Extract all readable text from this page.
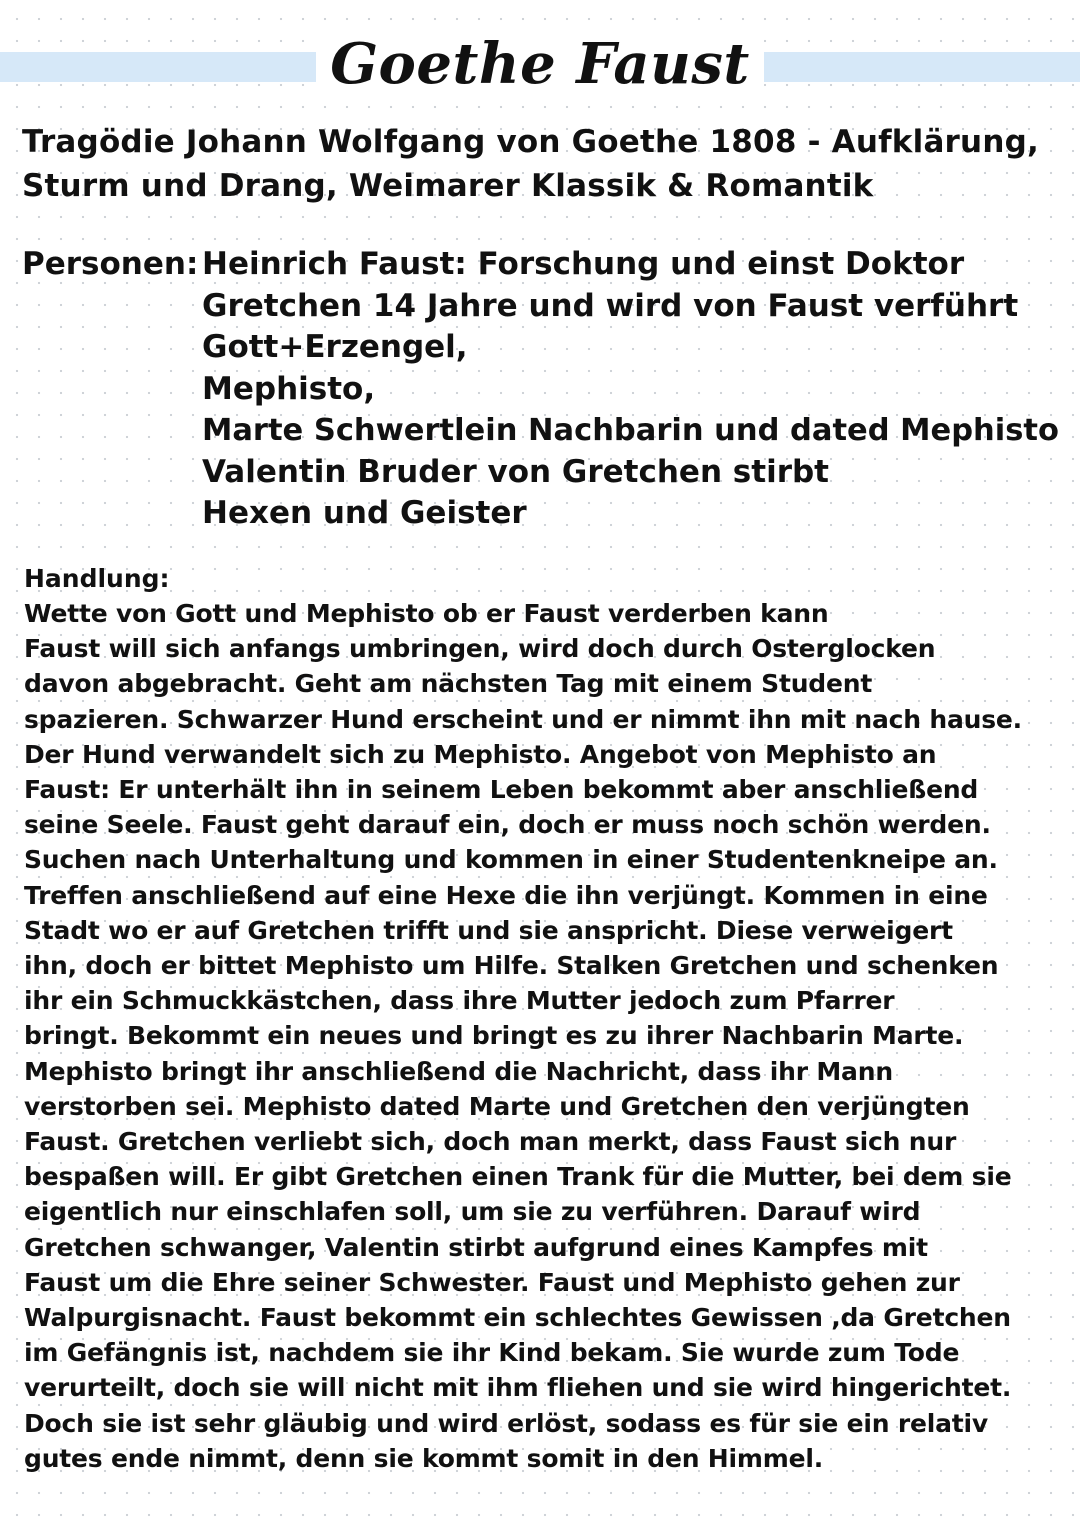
Goethe Faust
Tragödie Johann Wolfgang von Goethe 1808 - Aufklärung,
Sturm und Drang, Weimarer Klassik & Romantik
Personen: Heinrich Faust: Forschung und einst Doktor
Gretchen 14 Jahre und wird von Faust verführt
Gott+Erzengel,
Mephisto,
Marte Schwertlein Nachbarin und dated Mephisto
Valentin Bruder von Gretchen stirbt
Hexen und Geister
Handlung:
Wette von Gott und Mephisto ob er Faust verderben kann
Faust will sich anfangs umbringen, wird doch durch Osterglocken
davon abgebracht. Geht am nächsten Tag mit einem Student
spazieren. Schwarzer Hund erscheint und er nimmt ihn mit nach hause.
Der Hund verwandelt sich zu Mephisto. Angebot von Mephisto an
Faust: Er unterhält ihn in seinem Leben bekommt aber anschließend
seine Seele. Faust geht darauf ein, doch er muss noch schön werden.
Suchen nach Unterhaltung und kommen in einer Studentenkneipe an.
Treffen anschließend auf eine Hexe die ihn verjüngt. Kommen in eine
Stadt wo er auf Gretchen trifft und sie anspricht. Diese verweigert
ihn, doch er bittet Mephisto um Hilfe. Stalken Gretchen und schenken
ihr ein Schmuckkästchen, dass ihre Mutter jedoch zum Pfarrer
bringt. Bekommt ein neues und bringt es zu ihrer Nachbarin Marte.
Mephisto bringt ihr anschließend die Nachricht, dass ihr Mann
verstorben sei. Mephisto dated Marte und Gretchen den verjüngten
Faust. Gretchen verliebt sich, doch man merkt, dass Faust sich nur
bespaßen will. Er gibt Gretchen einen Trank für die Mutter, bei dem sie
eigentlich nur einschlafen soll, um sie zu verführen. Darauf wird
Gretchen schwanger, Valentin stirbt aufgrund eines Kampfes mit
Faust um die Ehre seiner Schwester. Faust und Mephisto gehen zur
Walpurgisnacht. Faust bekommt ein schlechtes Gewissen ,da Gretchen
im Gefängnis ist, nachdem sie ihr Kind bekam. Sie wurde zum Tode
verurteilt, doch sie will nicht mit ihm fliehen und sie wird hingerichtet.
Doch sie ist sehr gläubig und wird erlöst, sodass es für sie ein relativ
gutes ende nimmt, denn sie kommt somit in den Himmel.
